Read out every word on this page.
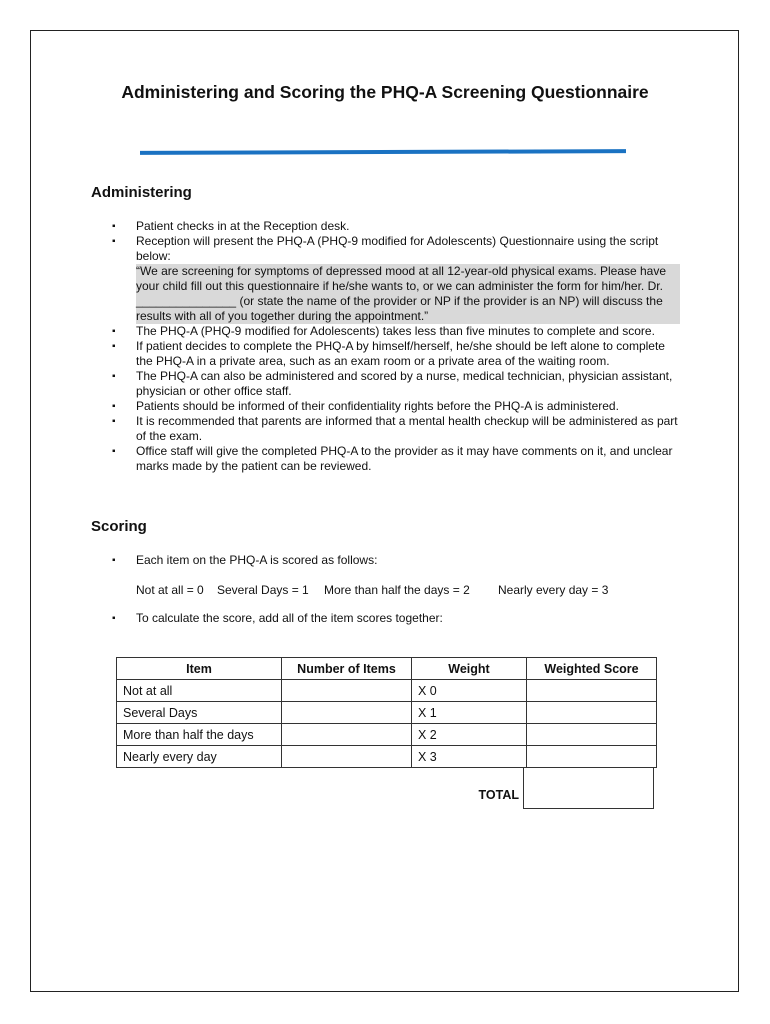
Administering and Scoring the PHQ-A Screening Questionnaire
Administering
▪ Patient checks in at the Reception desk.
▪ Reception will present the PHQ-A (PHQ-9 modified for Adolescents) Questionnaire using the script below:
“We are screening for symptoms of depressed mood at all 12-year-old physical exams. Please have your child fill out this questionnaire if he/she wants to, or we can administer the form for him/her. Dr. _______________ (or state the name of the provider or NP if the provider is an NP) will discuss the results with all of you together during the appointment.”
▪ The PHQ-A (PHQ-9 modified for Adolescents) takes less than five minutes to complete and score.
▪ If patient decides to complete the PHQ-A by himself/herself, he/she should be left alone to complete the PHQ-A in a private area, such as an exam room or a private area of the waiting room.
▪ The PHQ-A can also be administered and scored by a nurse, medical technician, physician assistant, physician or other office staff.
▪ Patients should be informed of their confidentiality rights before the PHQ-A is administered.
▪ It is recommended that parents are informed that a mental health checkup will be administered as part of the exam.
▪ Office staff will give the completed PHQ-A to the provider as it may have comments on it, and unclear marks made by the patient can be reviewed.
Scoring
▪ Each item on the PHQ-A is scored as follows:
Not at all = 0 Several Days = 1 More than half the days = 2 Nearly every day = 3
▪ To calculate the score, add all of the item scores together:
Item	Number of Items	Weight	Weighted Score
Not at all		X 0	
Several Days		X 1	
More than half the days		X 2	
Nearly every day		X 3	
TOTAL
